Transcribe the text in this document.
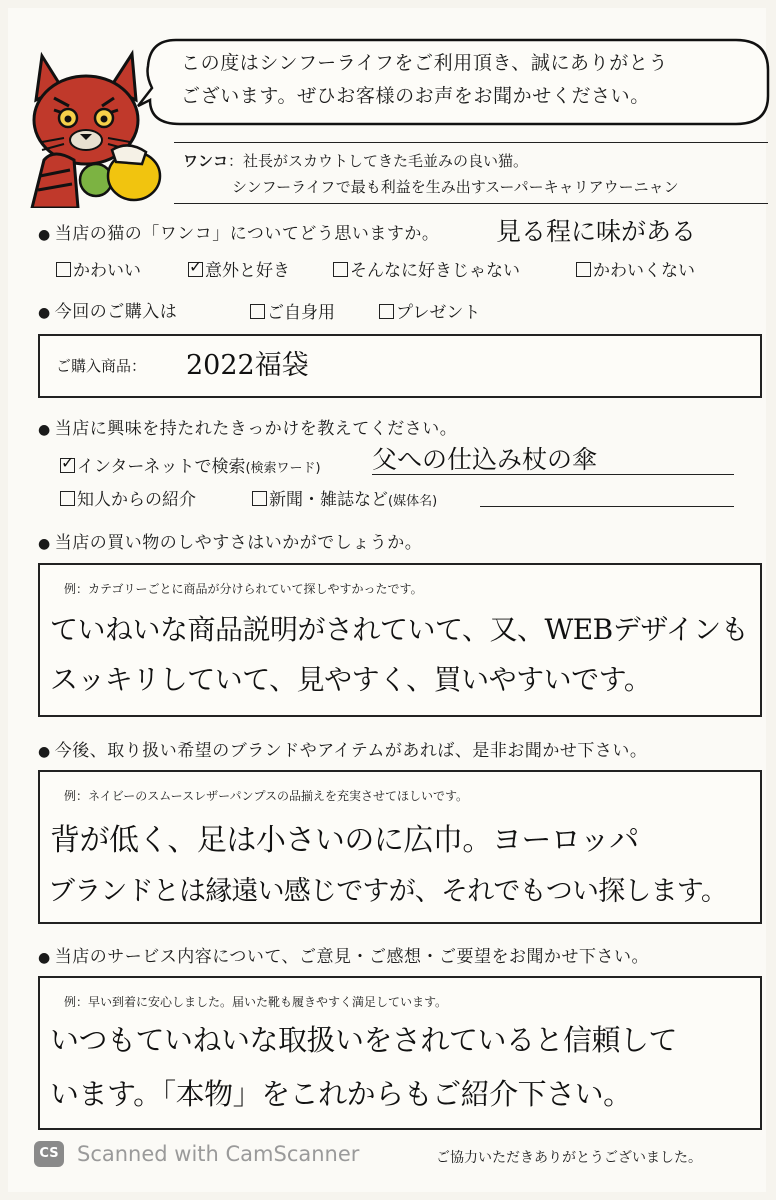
この度はシンフーライフをご利用頂き、誠にありがとう
ございます。ぜひお客様のお声をお聞かせください。
ワンコ：社長がスカウトしてきた毛並みの良い猫。
シンフーライフで最も利益を生み出すスーパーキャリアウーニャン
● 当店の猫の「ワンコ」についてどう思いますか。 見る程に味がある
かわいい
✓	意外と好き	そんなに好きじゃない	かわいくない
● 今回のご購入は	ご自身用	プレゼント
ご購入商品： 2022福袋
● 当店に興味を持たれたきっかけを教えてください。
✓インターネットで検索(検索ワード) 父への仕込み杖の傘
知人からの紹介	新聞・雑誌など(媒体名)
● 当店の買い物のしやすさはいかがでしょうか。
例：カテゴリーごとに商品が分けられていて探しやすかったです。
ていねいな商品説明がされていて、又、WEBデザインも
スッキリしていて、見やすく、買いやすいです。
● 今後、取り扱い希望のブランドやアイテムがあれば、是非お聞かせ下さい。
例：ネイビーのスムースレザーパンプスの品揃えを充実させてほしいです。
背が低く、足は小さいのに広巾。ヨーロッパ
ブランドとは縁遠い感じですが、それでもつい探します。
● 当店のサービス内容について、ご意見・ご感想・ご要望をお聞かせ下さい。
例：早い到着に安心しました。届いた靴も履きやすく満足しています。
いつもていねいな取扱いをされていると信頼して
います。「本物」をこれからもご紹介下さい。
CS Scanned with CamScanner	ご協力いただきありがとうございました。
